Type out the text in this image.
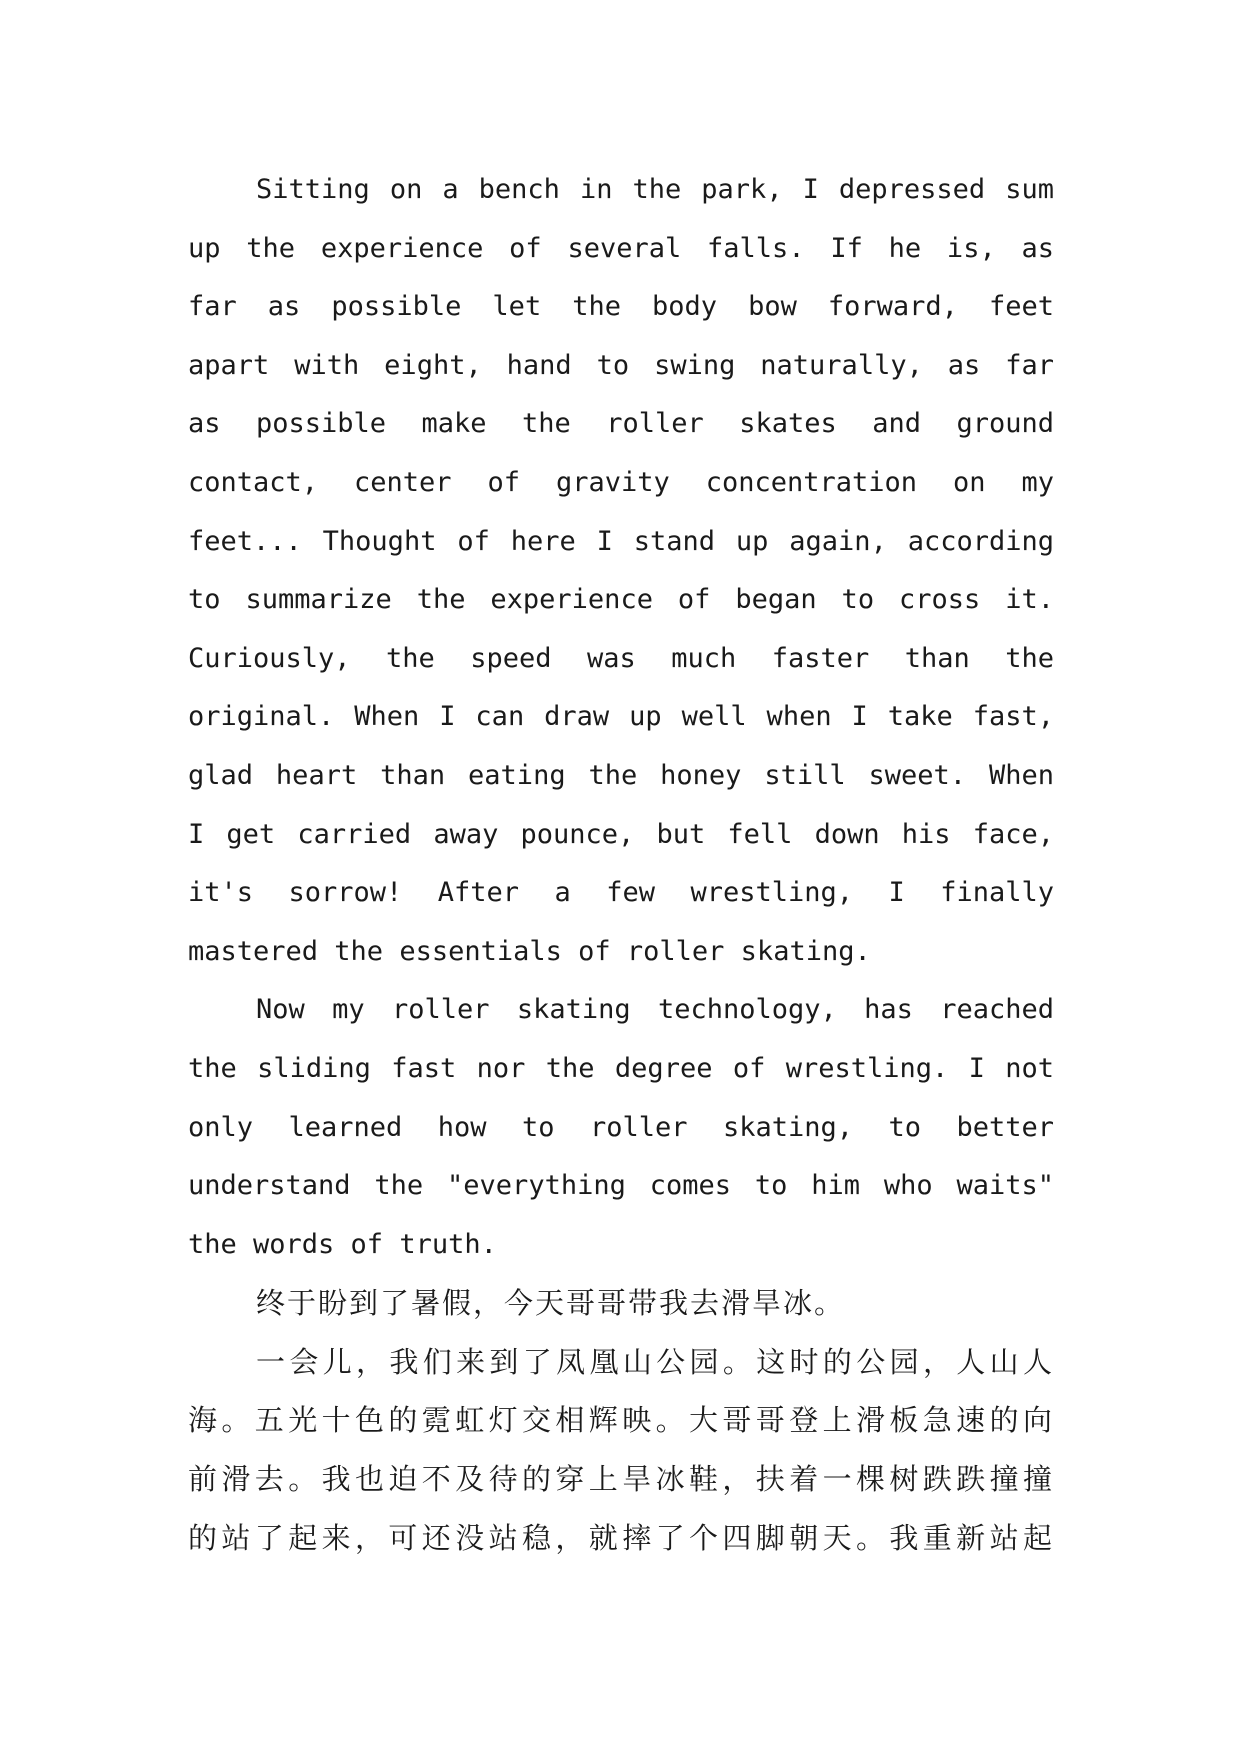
Sitting on a bench in the park, I depressed sum
up the experience of several falls. If he is, as
far as possible let the body bow forward, feet
apart with eight, hand to swing naturally, as far
as possible make the roller skates and ground
contact, center of gravity concentration on my
feet... Thought of here I stand up again, according
to summarize the experience of began to cross it.
Curiously, the speed was much faster than the
original. When I can draw up well when I take fast,
glad heart than eating the honey still sweet. When
I get carried away pounce, but fell down his face,
it's sorrow! After a few wrestling, I finally
mastered the essentials of roller skating.
Now my roller skating technology, has reached
the sliding fast nor the degree of wrestling. I not
only learned how to roller skating, to better
understand the "everything comes to him who waits"
the words of truth.
终于盼到了暑假，今天哥哥带我去滑旱冰。
一会儿，我们来到了凤凰山公园。这时的公园，人山人
海。五光十色的霓虹灯交相辉映。大哥哥登上滑板急速的向
前滑去。我也迫不及待的穿上旱冰鞋，扶着一棵树跌跌撞撞
的站了起来，可还没站稳，就摔了个四脚朝天。我重新站起
